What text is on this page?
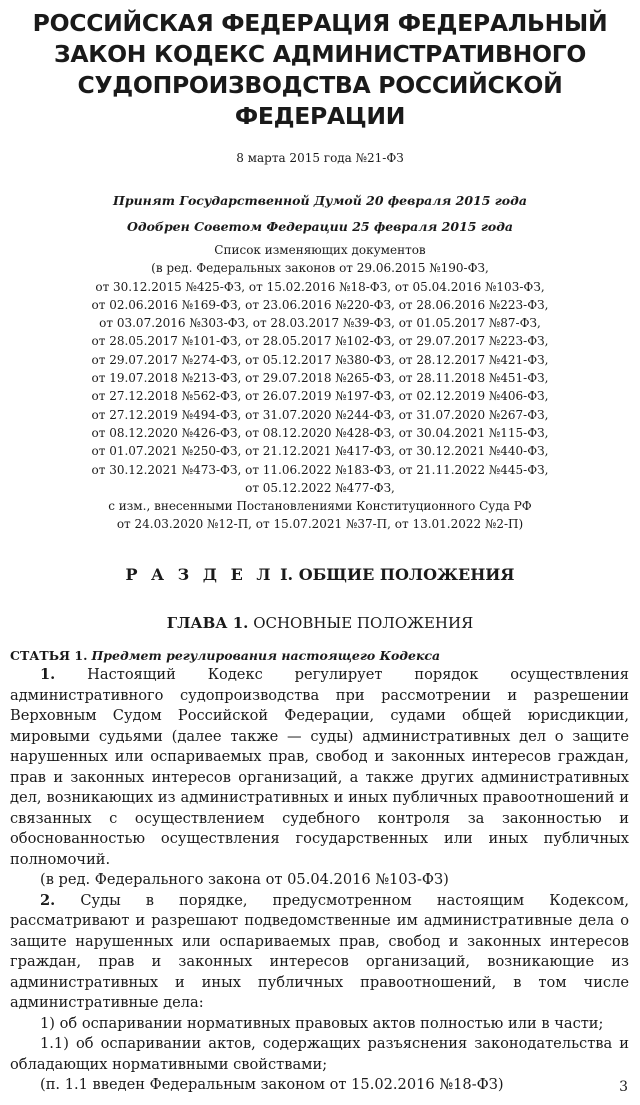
РОССИЙСКАЯ ФЕДЕРАЦИЯ ФЕДЕРАЛЬНЫЙ ЗАКОН КОДЕКС АДМИНИСТРАТИВНОГО СУДОПРОИЗВОДСТВА РОССИЙСКОЙ ФЕДЕРАЦИИ
8 марта 2015 года №21-ФЗ
Принят Государственной Думой 20 февраля 2015 года
Одобрен Советом Федерации 25 февраля 2015 года
Список изменяющих документов
(в ред. Федеральных законов от 29.06.2015 №190-ФЗ,
от 30.12.2015 №425-ФЗ, от 15.02.2016 №18-ФЗ, от 05.04.2016 №103-ФЗ,
от 02.06.2016 №169-ФЗ, от 23.06.2016 №220-ФЗ, от 28.06.2016 №223-ФЗ,
от 03.07.2016 №303-ФЗ, от 28.03.2017 №39-ФЗ, от 01.05.2017 №87-ФЗ,
от 28.05.2017 №101-ФЗ, от 28.05.2017 №102-ФЗ, от 29.07.2017 №223-ФЗ,
от 29.07.2017 №274-ФЗ, от 05.12.2017 №380-ФЗ, от 28.12.2017 №421-ФЗ,
от 19.07.2018 №213-ФЗ, от 29.07.2018 №265-ФЗ, от 28.11.2018 №451-ФЗ,
от 27.12.2018 №562-ФЗ, от 26.07.2019 №197-ФЗ, от 02.12.2019 №406-ФЗ,
от 27.12.2019 №494-ФЗ, от 31.07.2020 №244-ФЗ, от 31.07.2020 №267-ФЗ,
от 08.12.2020 №426-ФЗ, от 08.12.2020 №428-ФЗ, от 30.04.2021 №115-ФЗ,
от 01.07.2021 №250-ФЗ, от 21.12.2021 №417-ФЗ, от 30.12.2021 №440-ФЗ,
от 30.12.2021 №473-ФЗ, от 11.06.2022 №183-ФЗ, от 21.11.2022 №445-ФЗ,
от 05.12.2022 №477-ФЗ,
с изм., внесенными Постановлениями Конституционного Суда РФ
от 24.03.2020 №12-П, от 15.07.2021 №37-П, от 13.01.2022 №2-П)
Р А З Д Е Л I. ОБЩИЕ ПОЛОЖЕНИЯ
ГЛАВА 1. ОСНОВНЫЕ ПОЛОЖЕНИЯ
СТАТЬЯ 1. Предмет регулирования настоящего Кодекса

1. Настоящий Кодекс регулирует порядок осуществления административного судопроизводства при рассмотрении и разрешении Верховным Судом Российской Федерации, судами общей юрисдикции, мировыми судьями (далее также — суды) административных дел о защите нарушенных или оспариваемых прав, свобод и законных интересов граждан, прав и законных интересов организаций, а также других административных дел, возникающих из административных и иных публичных правоотношений и связанных с осуществлением судебного контроля за законностью и обоснованностью осуществления государственных или иных публичных полномочий.

(в ред. Федерального закона от 05.04.2016 №103-ФЗ)

2. Суды в порядке, предусмотренном настоящим Кодексом, рассматривают и разрешают подведомственные им административные дела о защите нарушенных или оспариваемых прав, свобод и законных интересов граждан, прав и законных интересов организаций, возникающие из административных и иных публичных правоотношений, в том числе административные дела:

1) об оспаривании нормативных правовых актов полностью или в части;

1.1) об оспаривании актов, содержащих разъяснения законодательства и обладающих нормативными свойствами;

(п. 1.1 введен Федеральным законом от 15.02.2016 №18-ФЗ)	3
